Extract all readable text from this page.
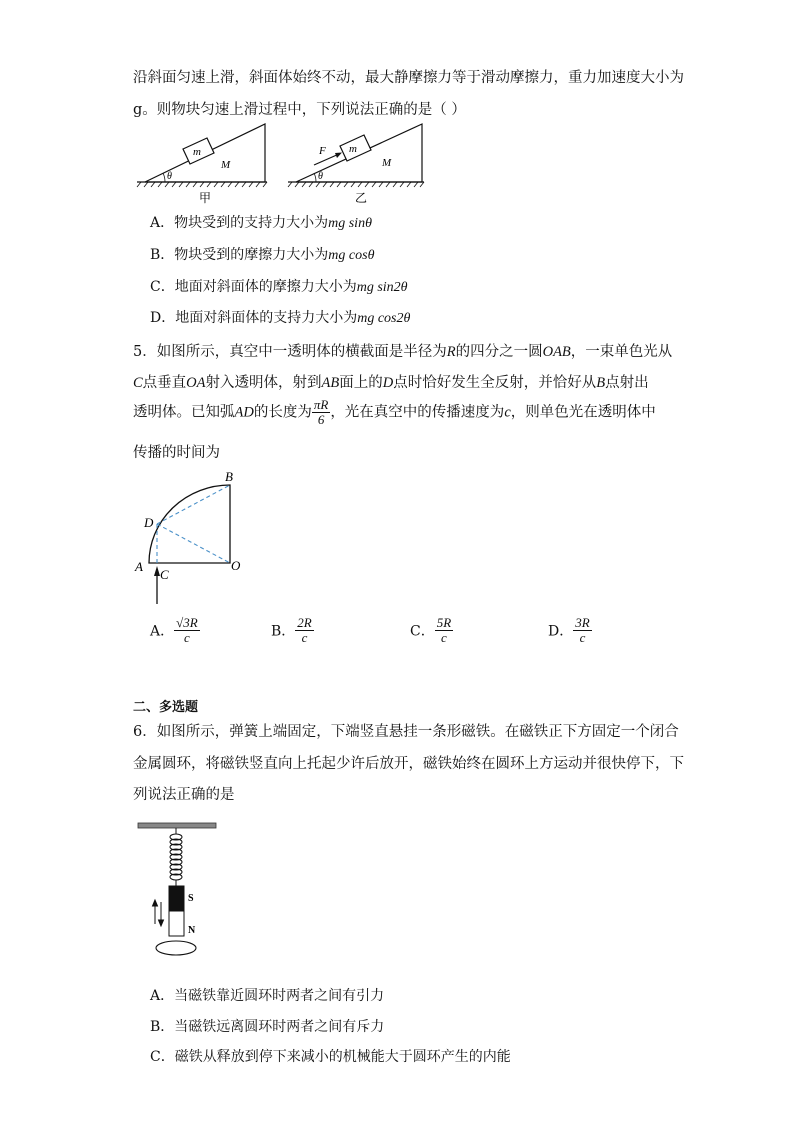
沿斜面匀速上滑，斜面体始终不动，最大静摩擦力等于滑动摩擦力，重力加速度大小为
g。则物块匀速上滑过程中，下列说法正确的是（ ）
m
M
θ
甲
m
F
M
θ
乙
A．物块受到的支持力大小为mg sinθ
B．物块受到的摩擦力大小为mg cosθ
C．地面对斜面体的摩擦力大小为mg sin2θ
D．地面对斜面体的支持力大小为mg cos2θ
5．如图所示，真空中一透明体的横截面是半径为R的四分之一圆OAB，一束单色光从
C点垂直OA射入透明体，射到AB面上的D点时恰好发生全反射，并恰好从B点射出
透明体。已知弧AD的长度为 $\frac{\pi R}{6}$ ，光在真空中的传播速度为c，则单色光在透明体中
传播的时间为
B
D
A
C
O
A． $\frac{√3R}{c}$	B． $\frac{2R}{c}$	C． $\frac{5R}{c}$	D． $\frac{3R}{c}$
二、多选题
6．如图所示，弹簧上端固定，下端竖直悬挂一条形磁铁。在磁铁正下方固定一个闭合
金属圆环，将磁铁竖直向上托起少许后放开，磁铁始终在圆环上方运动并很快停下，下
列说法正确的是
S
N
A．当磁铁靠近圆环时两者之间有引力
B．当磁铁远离圆环时两者之间有斥力
C．磁铁从释放到停下来减小的机械能大于圆环产生的内能
